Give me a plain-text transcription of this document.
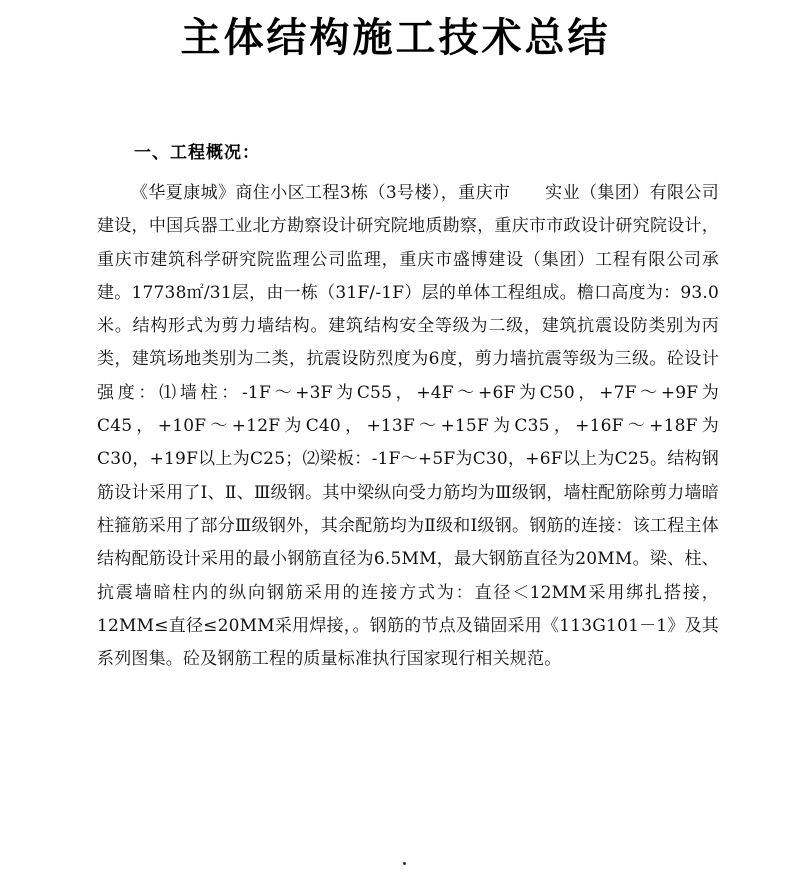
主体结构施工技术总结
一、工程概况：

《华夏康城》商住小区工程3栋（3号楼），重庆市　　实业（集团）有限公司建设，中国兵器工业北方勘察设计研究院地质勘察，重庆市市政设计研究院设计，重庆市建筑科学研究院监理公司监理，重庆市盛博建设（集团）工程有限公司承建。17738㎡/31层，由一栋（31F/-1F）层的单体工程组成。檐口高度为：93.0米。结构形式为剪力墙结构。建筑结构安全等级为二级，建筑抗震设防类别为丙类，建筑场地类别为二类，抗震设防烈度为6度，剪力墙抗震等级为三级。砼设计强度：⑴墙柱：-1F～+3F为C55，+4F～+6F为C50，+7F～+9F为C45，+10F～+12F为C40，+13F～+15F为C35，+16F～+18F为C30，+19F以上为C25；⑵梁板：-1F～+5F为C30，+6F以上为C25。结构钢筋设计采用了Ⅰ、Ⅱ、Ⅲ级钢。其中梁纵向受力筋均为Ⅲ级钢，墙柱配筋除剪力墙暗柱箍筋采用了部分Ⅲ级钢外，其余配筋均为Ⅱ级和Ⅰ级钢。钢筋的连接：该工程主体结构配筋设计采用的最小钢筋直径为6.5MM，最大钢筋直径为20MM。梁、柱、抗震墙暗柱内的纵向钢筋采用的连接方式为：直径＜12MM采用绑扎搭接，12MM≤直径≤20MM采用焊接，。钢筋的节点及锚固采用《113G101－1》及其系列图集。砼及钢筋工程的质量标准执行国家现行相关规范。
